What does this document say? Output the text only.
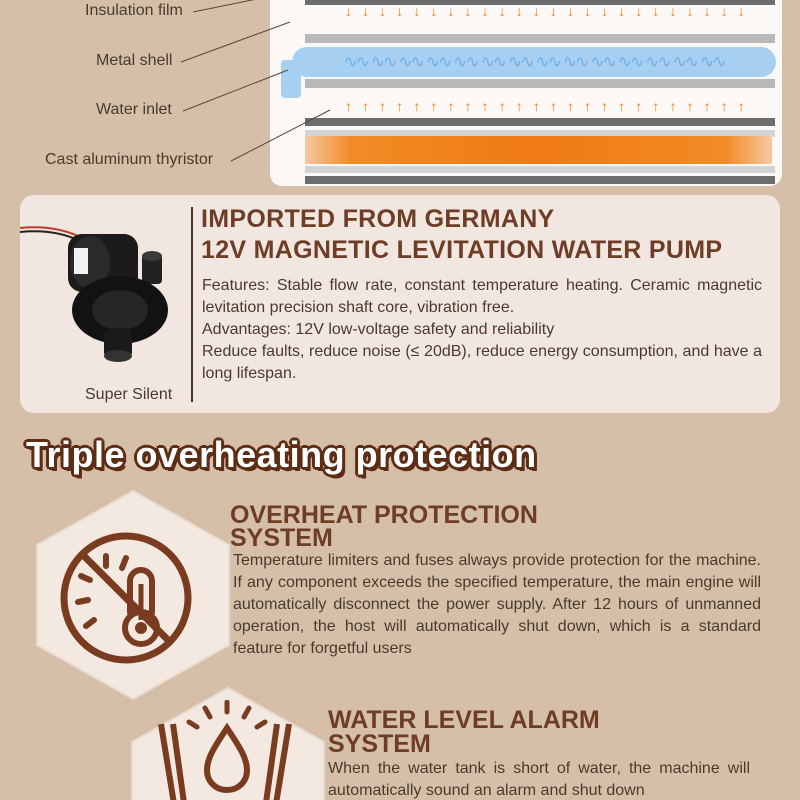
↓ ↓ ↓ ↓ ↓ ↓ ↓ ↓ ↓ ↓ ↓ ↓ ↓ ↓ ↓ ↓ ↓ ↓ ↓ ↓ ↓ ↓ ↓ ↓
∿∿ ∿∿ ∿∿ ∿∿ ∿∿ ∿∿ ∿∿ ∿∿ ∿∿ ∿∿ ∿∿ ∿∿ ∿∿ ∿∿
↑ ↑ ↑ ↑ ↑ ↑ ↑ ↑ ↑ ↑ ↑ ↑ ↑ ↑ ↑ ↑ ↑ ↑ ↑ ↑ ↑ ↑ ↑ ↑
Insulation film
Metal shell
Water inlet
Cast aluminum thyristor
Super Silent
IMPORTED FROM GERMANY
12V MAGNETIC LEVITATION WATER PUMP

Features: Stable flow rate, constant temperature heating. Ceramic magnetic levitation precision shaft core, vibration free.

Advantages: 12V low-voltage safety and reliability

Reduce faults, reduce noise (≤ 20dB), reduce energy consumption, and have a long lifespan.

Triple overheating protection
OVERHEAT PROTECTION
SYSTEM
Temperature limiters and fuses always provide protection for the machine. If any component exceeds the specified temperature, the main engine will automatically disconnect the power supply. After 12 hours of unmanned operation, the host will automatically shut down, which is a standard feature for forgetful users
WATER LEVEL ALARM
SYSTEM
When the water tank is short of water, the machine will automatically sound an alarm and shut down
